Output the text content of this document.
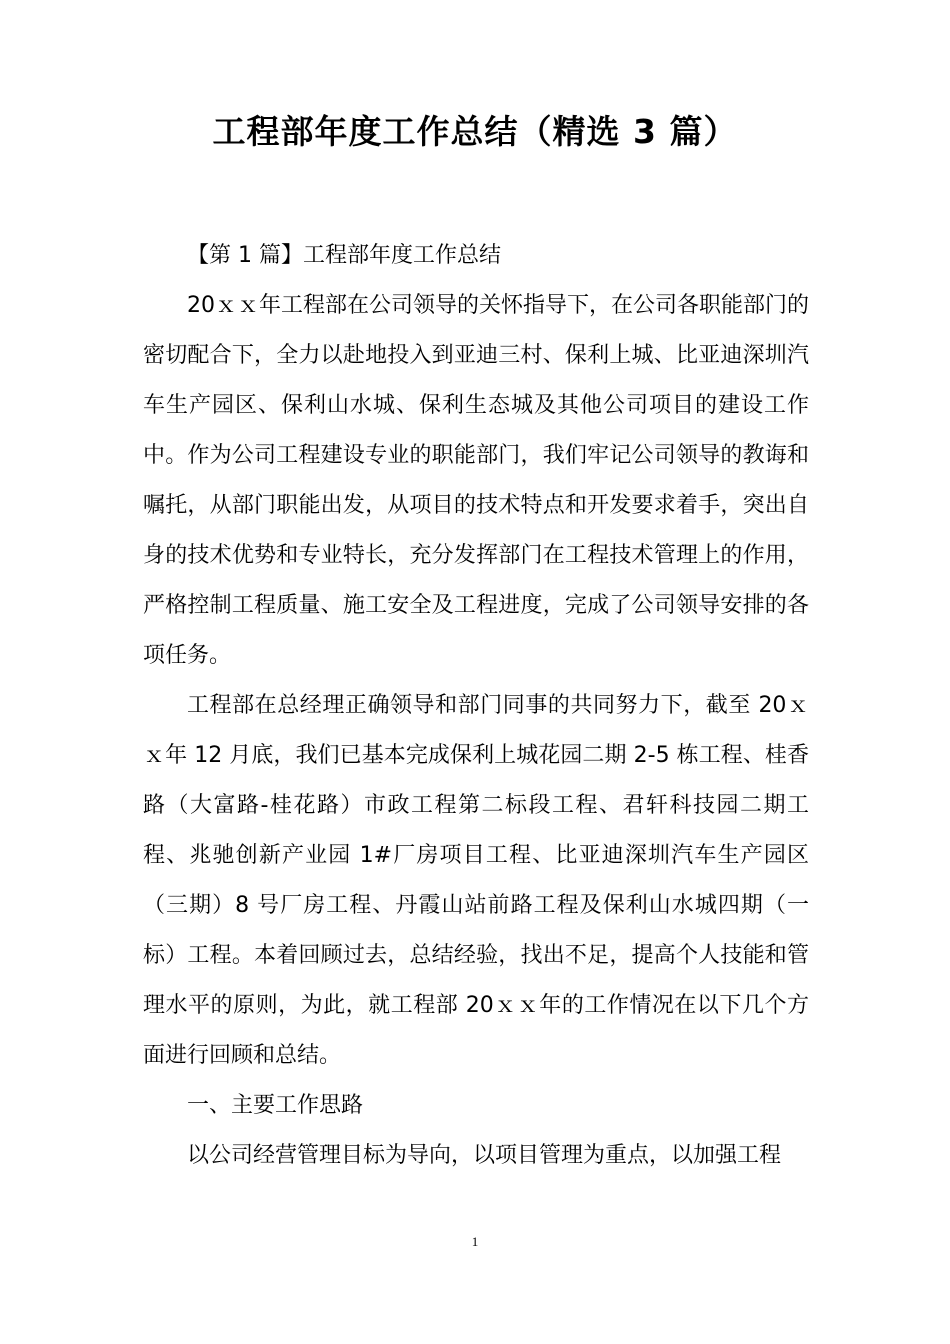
工程部年度工作总结（精选 3 篇）

【第 1 篇】工程部年度工作总结

20ｘｘ年工程部在公司领导的关怀指导下，在公司各职能部门的密切配合下，全力以赴地投入到亚迪三村、保利上城、比亚迪深圳汽车生产园区、保利山水城、保利生态城及其他公司项目的建设工作中。作为公司工程建设专业的职能部门，我们牢记公司领导的教诲和嘱托，从部门职能出发，从项目的技术特点和开发要求着手，突出自身的技术优势和专业特长，充分发挥部门在工程技术管理上的作用，严格控制工程质量、施工安全及工程进度，完成了公司领导安排的各项任务。

工程部在总经理正确领导和部门同事的共同努力下，截至 20ｘｘ年 12 月底，我们已基本完成保利上城花园二期 2-5 栋工程、桂香路（大富路-桂花路）市政工程第二标段工程、君轩科技园二期工程、兆驰创新产业园 1#厂房项目工程、比亚迪深圳汽车生产园区（三期）8 号厂房工程、丹霞山站前路工程及保利山水城四期（一标）工程。本着回顾过去，总结经验，找出不足，提高个人技能和管理水平的原则，为此，就工程部 20ｘｘ年的工作情况在以下几个方面进行回顾和总结。

一、主要工作思路

以公司经营管理目标为导向，以项目管理为重点，以加强工程

1
